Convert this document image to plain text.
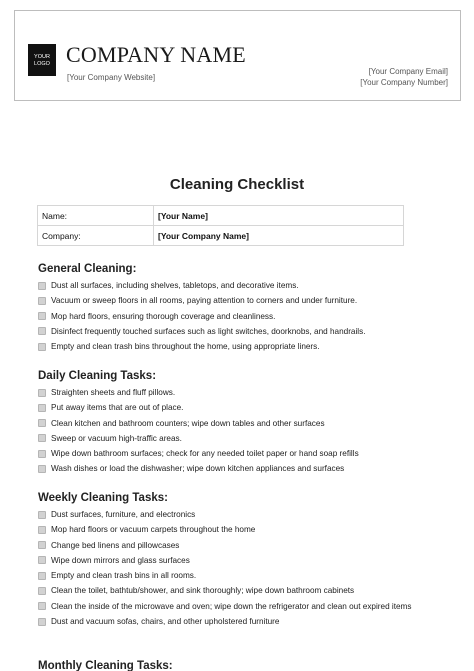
YOUR
LOGO COMPANY NAME
[Your Company Website]
[Your Company Email]
[Your Company Number]
Cleaning Checklist
Name:	[Your Name]
Company:	[Your Company Name]
General Cleaning:
Dust all surfaces, including shelves, tabletops, and decorative items.
Vacuum or sweep floors in all rooms, paying attention to corners and under furniture.
Mop hard floors, ensuring thorough coverage and cleanliness.
Disinfect frequently touched surfaces such as light switches, doorknobs, and handrails.
Empty and clean trash bins throughout the home, using appropriate liners.
Daily Cleaning Tasks:
Straighten sheets and fluff pillows.
Put away items that are out of place.
Clean kitchen and bathroom counters; wipe down tables and other surfaces
Sweep or vacuum high-traffic areas.
Wipe down bathroom surfaces; check for any needed toilet paper or hand soap refills
Wash dishes or load the dishwasher; wipe down kitchen appliances and surfaces
Weekly Cleaning Tasks:
Dust surfaces, furniture, and electronics
Mop hard floors or vacuum carpets throughout the home
Change bed linens and pillowcases
Wipe down mirrors and glass surfaces
Empty and clean trash bins in all rooms.
Clean the toilet, bathtub/shower, and sink thoroughly; wipe down bathroom cabinets
Clean the inside of the microwave and oven; wipe down the refrigerator and clean out expired items
Dust and vacuum sofas, chairs, and other upholstered furniture
Monthly Cleaning Tasks:
